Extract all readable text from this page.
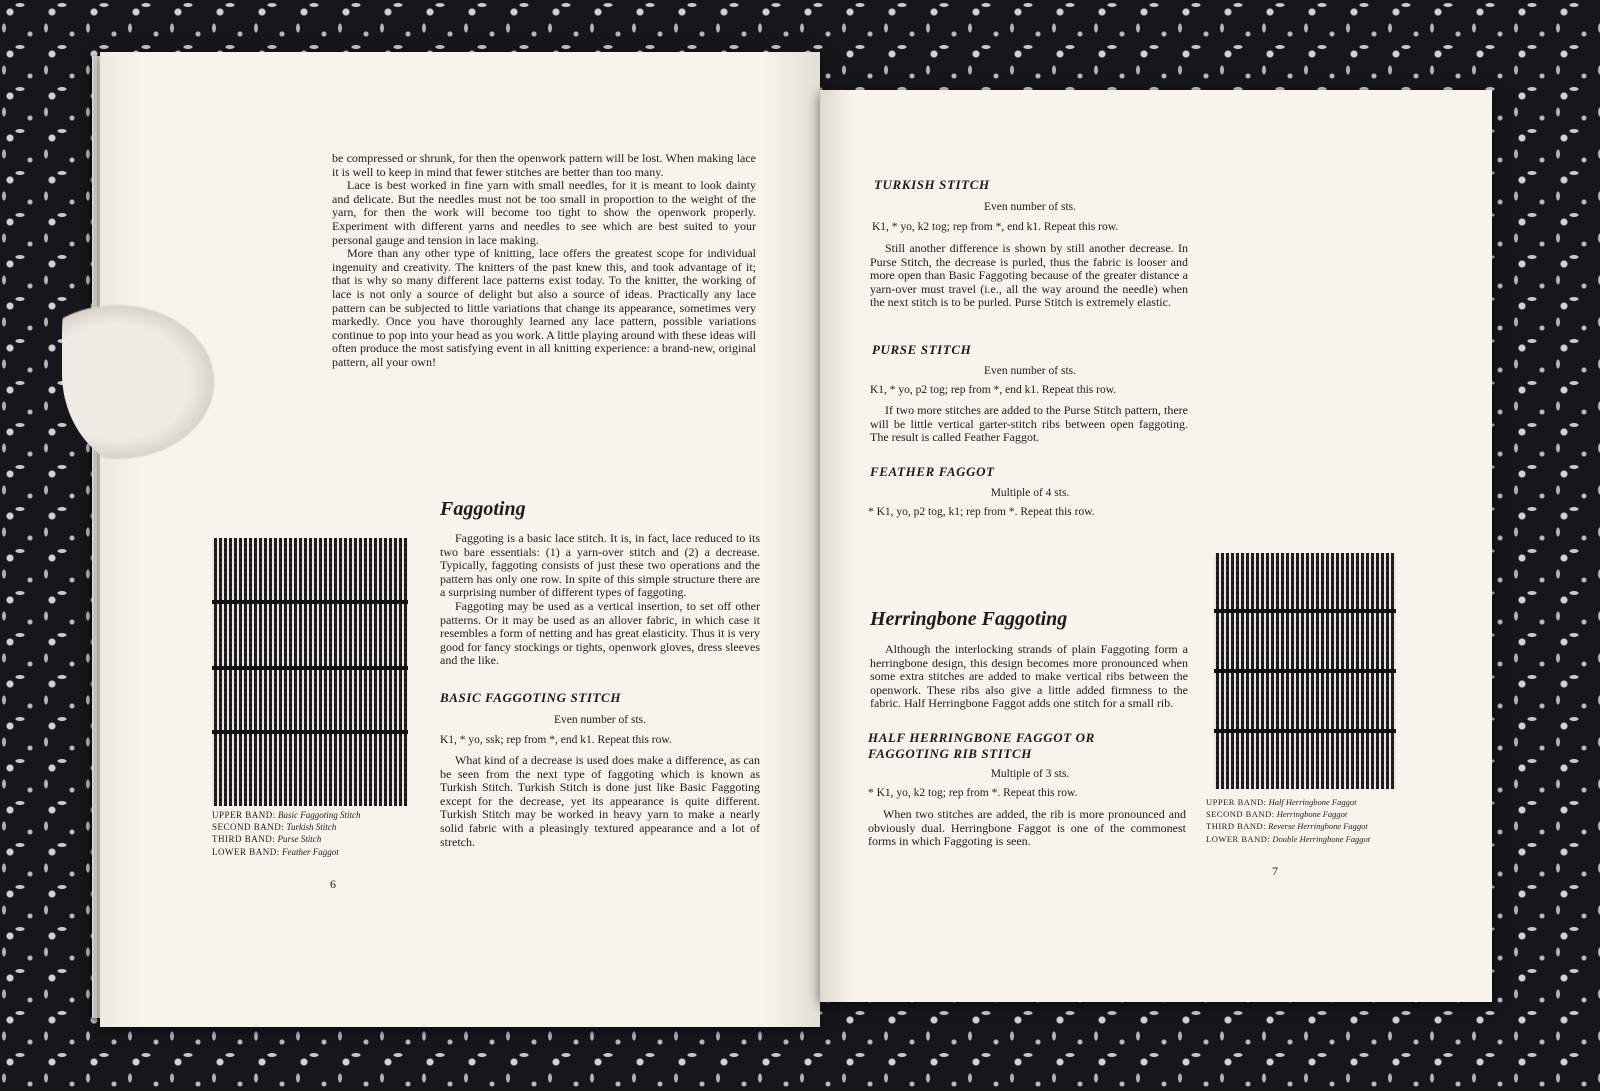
be compressed or shrunk, for then the openwork pattern will be lost. When making lace it is well to keep in mind that fewer stitches are better than too many.

Lace is best worked in fine yarn with small needles, for it is meant to look dainty and delicate. But the needles must not be too small in proportion to the weight of the yarn, for then the work will become too tight to show the openwork properly. Experiment with different yarns and needles to see which are best suited to your personal gauge and tension in lace making.

More than any other type of knitting, lace offers the greatest scope for individual ingenuity and creativity. The knitters of the past knew this, and took advantage of it; that is why so many different lace patterns exist today. To the knitter, the working of lace is not only a source of delight but also a source of ideas. Practically any lace pattern can be subjected to little variations that change its appearance, sometimes very markedly. Once you have thoroughly learned any lace pattern, possible variations continue to pop into your head as you work. A little playing around with these ideas will often produce the most satisfying event in all knitting experience: a brand-new, original pattern, all your own!

Faggoting
UPPER BAND: Basic Faggoting Stitch
SECOND BAND: Turkish Stitch
THIRD BAND: Purse Stitch
LOWER BAND: Feather Faggot

Faggoting is a basic lace stitch. It is, in fact, lace reduced to its two bare essentials: (1) a yarn-over stitch and (2) a decrease. Typically, faggoting consists of just these two operations and the pattern has only one row. In spite of this simple structure there are a surprising number of different types of faggoting.

Faggoting may be used as a vertical insertion, to set off other patterns. Or it may be used as an allover fabric, in which case it resembles a form of netting and has great elasticity. Thus it is very good for fancy stockings or tights, openwork gloves, dress sleeves and the like.

BASIC FAGGOTING STITCH
Even number of sts.
K1, * yo, ssk; rep from *, end k1. Repeat this row.

What kind of a decrease is used does make a difference, as can be seen from the next type of faggoting which is known as Turkish Stitch. Turkish Stitch is done just like Basic Faggoting except for the decrease, yet its appearance is quite different. Turkish Stitch may be worked in heavy yarn to make a nearly solid fabric with a pleasingly textured appearance and a lot of stretch.

6
TURKISH STITCH
Even number of sts.
K1, * yo, k2 tog; rep from *, end k1. Repeat this row.

Still another difference is shown by still another decrease. In Purse Stitch, the decrease is purled, thus the fabric is looser and more open than Basic Faggoting because of the greater distance a yarn-over must travel (i.e., all the way around the needle) when the next stitch is to be purled. Purse Stitch is extremely elastic.

PURSE STITCH
Even number of sts.
K1, * yo, p2 tog; rep from *, end k1. Repeat this row.

If two more stitches are added to the Purse Stitch pattern, there will be little vertical garter-stitch ribs between open faggoting. The result is called Feather Faggot.

FEATHER FAGGOT
Multiple of 4 sts.
* K1, yo, p2 tog, k1; rep from *. Repeat this row.
Herringbone Faggoting

Although the interlocking strands of plain Faggoting form a herringbone design, this design becomes more pronounced when some extra stitches are added to make vertical ribs between the openwork. These ribs also give a little added firmness to the fabric. Half Herringbone Faggot adds one stitch for a small rib.

HALF HERRINGBONE FAGGOT OR
FAGGOTING RIB STITCH
Multiple of 3 sts.
* K1, yo, k2 tog; rep from *. Repeat this row.

When two stitches are added, the rib is more pronounced and obviously dual. Herringbone Faggot is one of the commonest forms in which Faggoting is seen.

UPPER BAND: Half Herringbone Faggot
SECOND BAND: Herringbone Faggot
THIRD BAND: Reverse Herringbone Faggot
LOWER BAND: Double Herringbone Faggot
7
